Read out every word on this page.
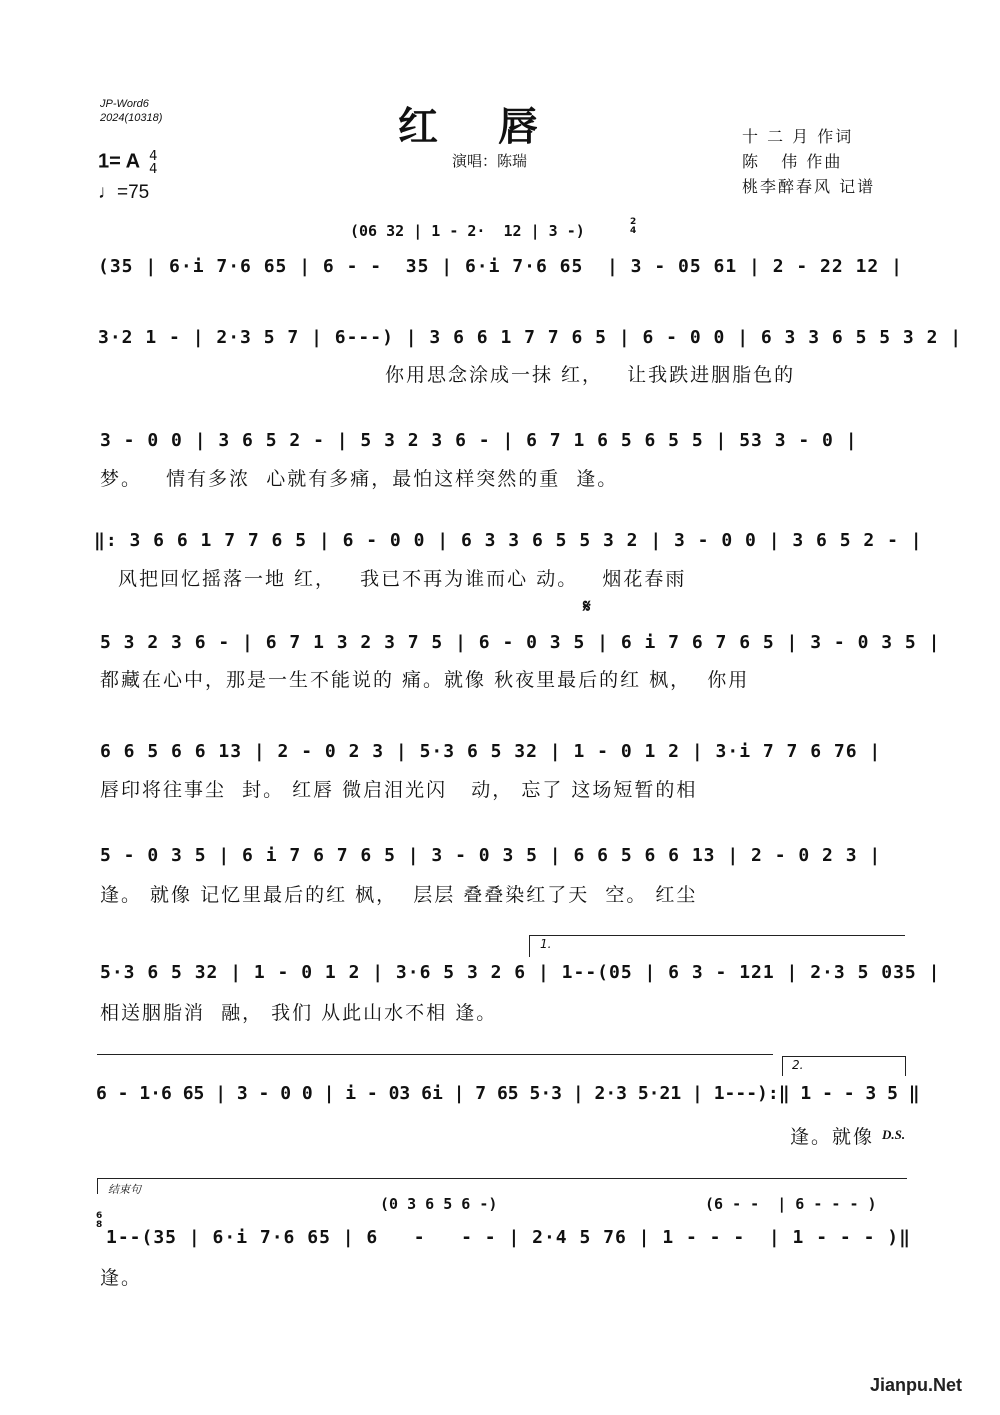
JP-Word6
2024(10318)	红唇
演唱：陈瑞
十 二 月 作词
陈   伟 作曲
桃李醉春风 记谱
1= A 4
4
♩=75
(06 32 | 1 - 2·  12 | 3 -)	2
4
(35 | 6·i 7·6 65 | 6 - -  35 | 6·i 7·6 65  | 3 - 05 61 | 2 - 22 12 |
3·2 1 - | 2·3 5 7 | 6---) | 3 6 6 1 7 7 6 5 | 6 - 0 0 | 6 3 3 6 5 5 3 2 |
你用思念涂成一抹 红，   让我跌进胭脂色的
3 - 0 0 | 3 6 5 2 - | 5 3 2 3 6 - | 6 7 1 6 5 6 5 5 | 53 3 - 0 |
梦。   情有多浓  心就有多痛，最怕这样突然的重  逢。
‖: 3 6 6 1 7 7 6 5 | 6 - 0 0 | 6 3 3 6 5 5 3 2 | 3 - 0 0 | 3 6 5 2 - |
风把回忆摇落一地 红，   我已不再为谁而心 动。   烟花春雨
𝄋
5 3 2 3 6 - | 6 7 1 3 2 3 7 5 | 6 - 0 3 5 | 6 i 7 6 7 6 5 | 3 - 0 3 5 |
都藏在心中，那是一生不能说的 痛。就像 秋夜里最后的红 枫，  你用
6 6 5 6 6 13 | 2 - 0 2 3 | 5·3 6 5 32 | 1 - 0 1 2 | 3·i 7 7 6 76 |
唇印将往事尘  封。 红唇 微启泪光闪   动， 忘了 这场短暂的相
5 - 0 3 5 | 6 i 7 6 7 6 5 | 3 - 0 3 5 | 6 6 5 6 6 13 | 2 - 0 2 3 |
逢。 就像 记忆里最后的红 枫，  层层 叠叠染红了天  空。 红尘
1.
5·3 6 5 32 | 1 - 0 1 2 | 3·6 5 3 2 6 | 1--(05 | 6 3 - 121 | 2·3 5 035 |
相送胭脂消  融， 我们 从此山水不相 逢。
2.
6 - 1·6 65 | 3 - 0 0 | i - 03 6i | 7 65 5·3 | 2·3 5·21 | 1---):‖ 1 - - 3 5 ‖
逢。就像 D.S.
结束句
(0 3 6 5 6 -)	(6 - -  | 6 - - - )
6
8
1--(35 | 6·i 7·6 65 | 6   -   - - | 2·4 5 76 | 1 - - -  | 1 - - - )‖
逢。
Jianpu.Net
